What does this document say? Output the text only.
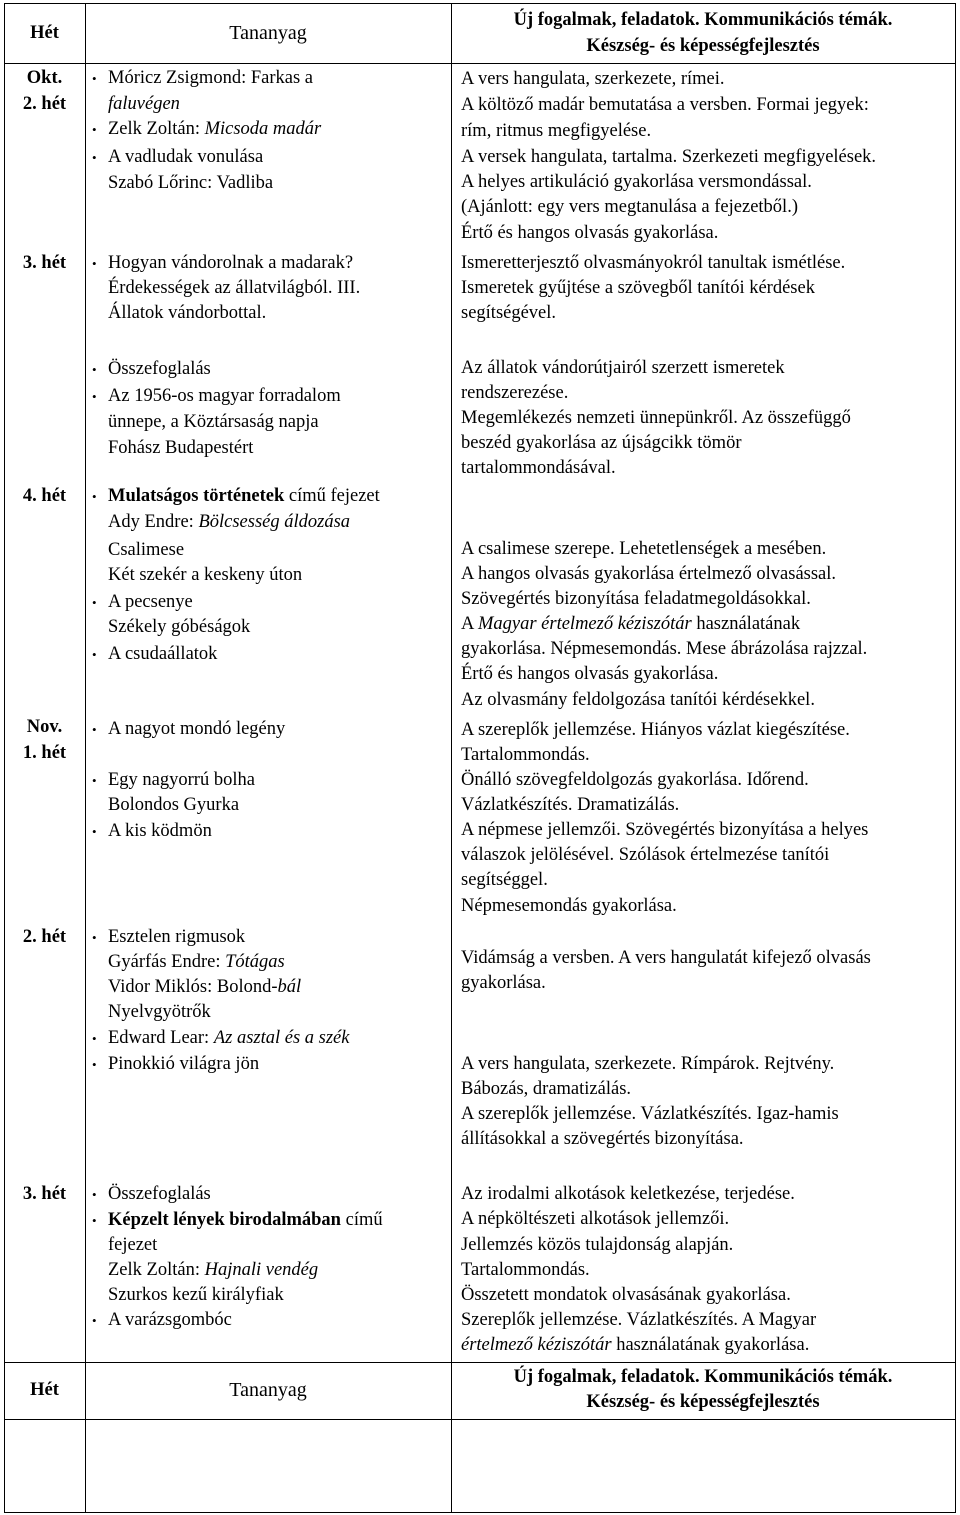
Hét	Tananyag
Új fogalmak, feladatok. Kommunikációs témák.
Készség- és képességfejlesztés
Okt.
2. hét
3. hét
4. hét
Nov.
1. hét
2. hét
3. hét
• Móricz Zsigmond: Farkas a
faluvégen
• Zelk Zoltán: Micsoda madár
• A vadludak vonulása
Szabó Lőrinc: Vadliba
• Hogyan vándorolnak a madarak?
Érdekességek az állatvilágból. III.
Állatok vándorbottal.
• Összefoglalás
• Az 1956-os magyar forradalom
ünnepe, a Köztársaság napja
Fohász Budapestért
• Mulatságos történetek című fejezet
Ady Endre: Bölcsesség áldozása
Csalimese
Két szekér a keskeny úton
• A pecsenye
Székely góbéságok
• A csudaállatok
• A nagyot mondó legény
• Egy nagyorrú bolha
Bolondos Gyurka
• A kis ködmön
• Esztelen rigmusok
Gyárfás Endre: Tótágas
Vidor Miklós: Bolond-bál
Nyelvgyötrők
• Edward Lear: Az asztal és a szék
• Pinokkió világra jön
• Összefoglalás
• Képzelt lények birodalmában című
fejezet
Zelk Zoltán: Hajnali vendég
Szurkos kezű királyfiak
• A varázsgombóc
A vers hangulata, szerkezete, rímei.
A költöző madár bemutatása a versben. Formai jegyek:
rím, ritmus megfigyelése.
A versek hangulata, tartalma. Szerkezeti megfigyelések.
A helyes artikuláció gyakorlása versmondással.
(Ajánlott: egy vers megtanulása a fejezetből.)
Értő és hangos olvasás gyakorlása.
Ismeretterjesztő olvasmányokról tanultak ismétlése.
Ismeretek gyűjtése a szövegből tanítói kérdések
segítségével.
Az állatok vándorútjairól szerzett ismeretek
rendszerezése.
Megemlékezés nemzeti ünnepünkről. Az összefüggő
beszéd gyakorlása az újságcikk tömör
tartalommondásával.
A csalimese szerepe. Lehetetlenségek a mesében.
A hangos olvasás gyakorlása értelmező olvasással.
Szövegértés bizonyítása feladatmegoldásokkal.
A Magyar értelmező kéziszótár használatának
gyakorlása. Népmesemondás. Mese ábrázolása rajzzal.
Értő és hangos olvasás gyakorlása.
Az olvasmány feldolgozása tanítói kérdésekkel.
A szereplők jellemzése. Hiányos vázlat kiegészítése.
Tartalommondás.
Önálló szövegfeldolgozás gyakorlása. Időrend.
Vázlatkészítés. Dramatizálás.
A népmese jellemzői. Szövegértés bizonyítása a helyes
válaszok jelölésével. Szólások értelmezése tanítói
segítséggel.
Népmesemondás gyakorlása.
Vidámság a versben. A vers hangulatát kifejező olvasás
gyakorlása.
A vers hangulata, szerkezete. Rímpárok. Rejtvény.
Bábozás, dramatizálás.
A szereplők jellemzése. Vázlatkészítés. Igaz-hamis
állításokkal a szövegértés bizonyítása.
Az irodalmi alkotások keletkezése, terjedése.
A népköltészeti alkotások jellemzői.
Jellemzés közös tulajdonság alapján.
Tartalommondás.
Összetett mondatok olvasásának gyakorlása.
Szereplők jellemzése. Vázlatkészítés. A Magyar
értelmező kéziszótár használatának gyakorlása.
Hét	Tananyag
Új fogalmak, feladatok. Kommunikációs témák.
Készség- és képességfejlesztés
